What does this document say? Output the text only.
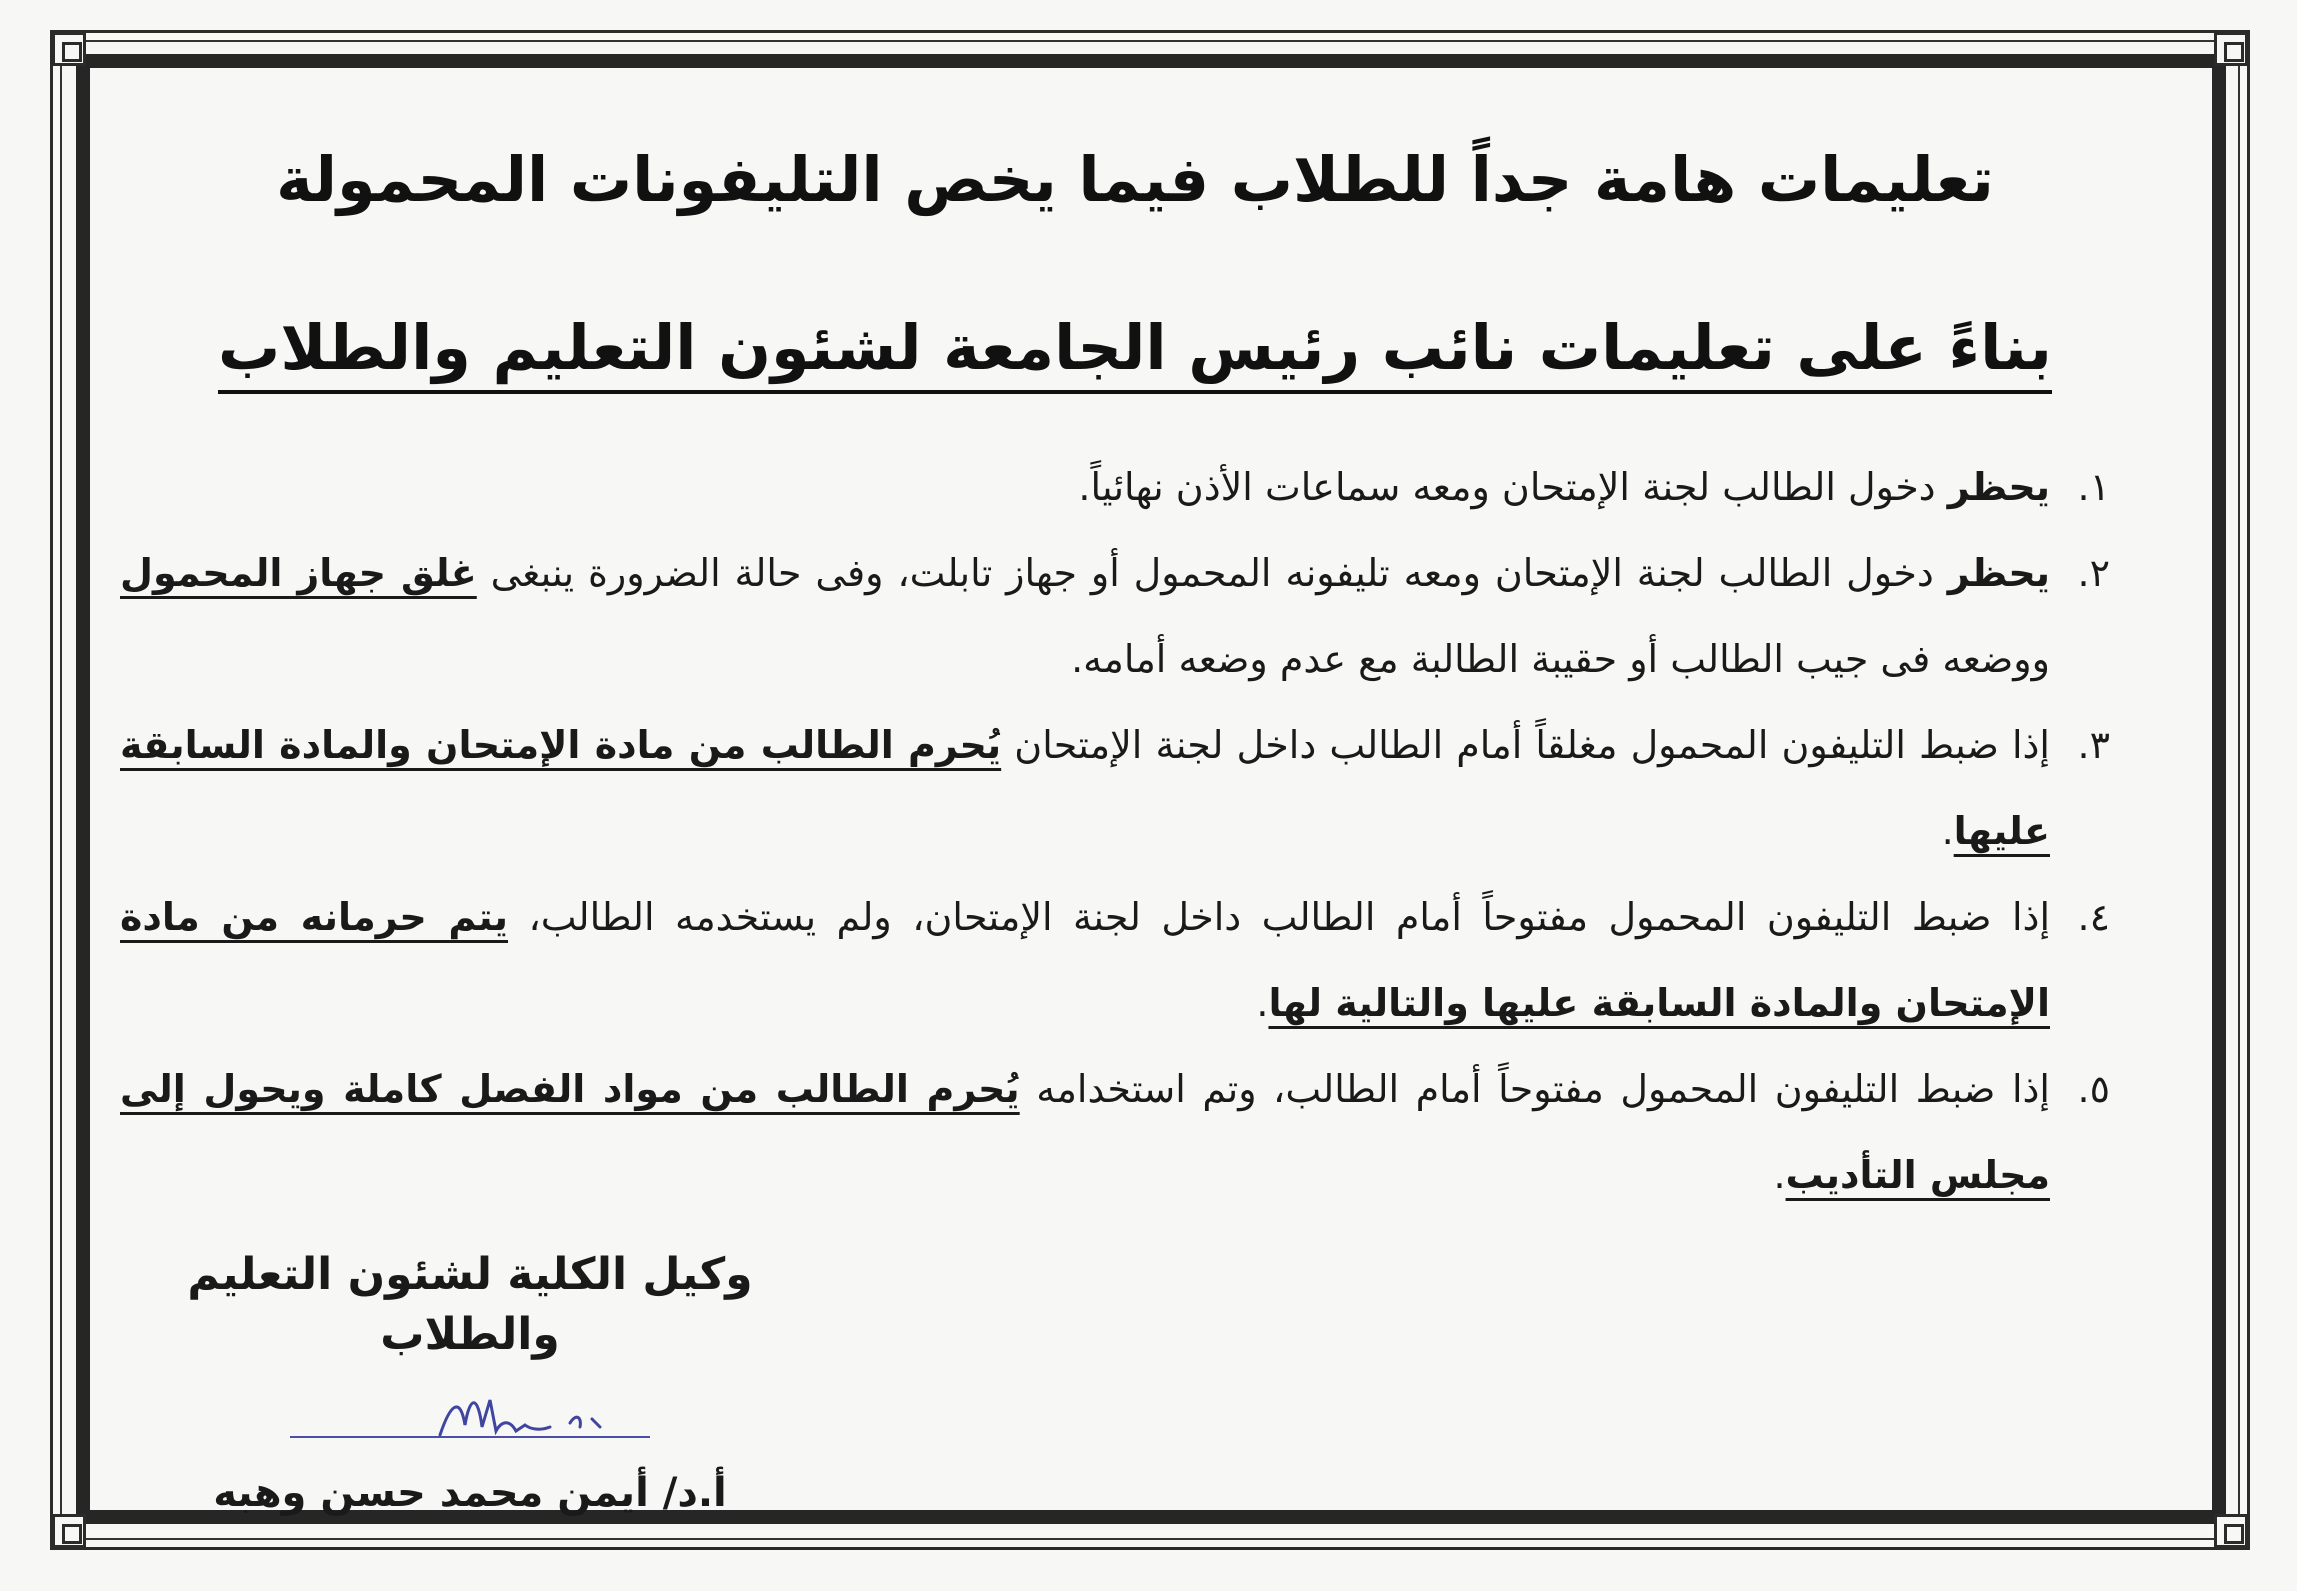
تعليمات هامة جداً للطلاب فيما يخص التليفونات المحمولة
بناءً على تعليمات نائب رئيس الجامعة لشئون التعليم والطلاب
١.
يحظر دخول الطالب لجنة الإمتحان ومعه سماعات الأذن نهائياً.
٢.
يحظر دخول الطالب لجنة الإمتحان ومعه تليفونه المحمول أو جهاز تابلت، وفى حالة الضرورة ينبغى غلق جهاز المحمول ووضعه فى جيب الطالب أو حقيبة الطالبة مع عدم وضعه أمامه.
٣.
إذا ضبط التليفون المحمول مغلقاً أمام الطالب داخل لجنة الإمتحان يُحرم الطالب من مادة الإمتحان والمادة السابقة عليها.
٤.
إذا ضبط التليفون المحمول مفتوحاً أمام الطالب داخل لجنة الإمتحان، ولم يستخدمه الطالب، يتم حرمانه من مادة الإمتحان والمادة السابقة عليها والتالية لها.
٥.
إذا ضبط التليفون المحمول مفتوحاً أمام الطالب، وتم استخدامه يُحرم الطالب من مواد الفصل كاملة ويحول إلى مجلس التأديب.
وكيل الكلية لشئون التعليم والطلاب
أ.د/ أيمن محمد حسن وهبه
